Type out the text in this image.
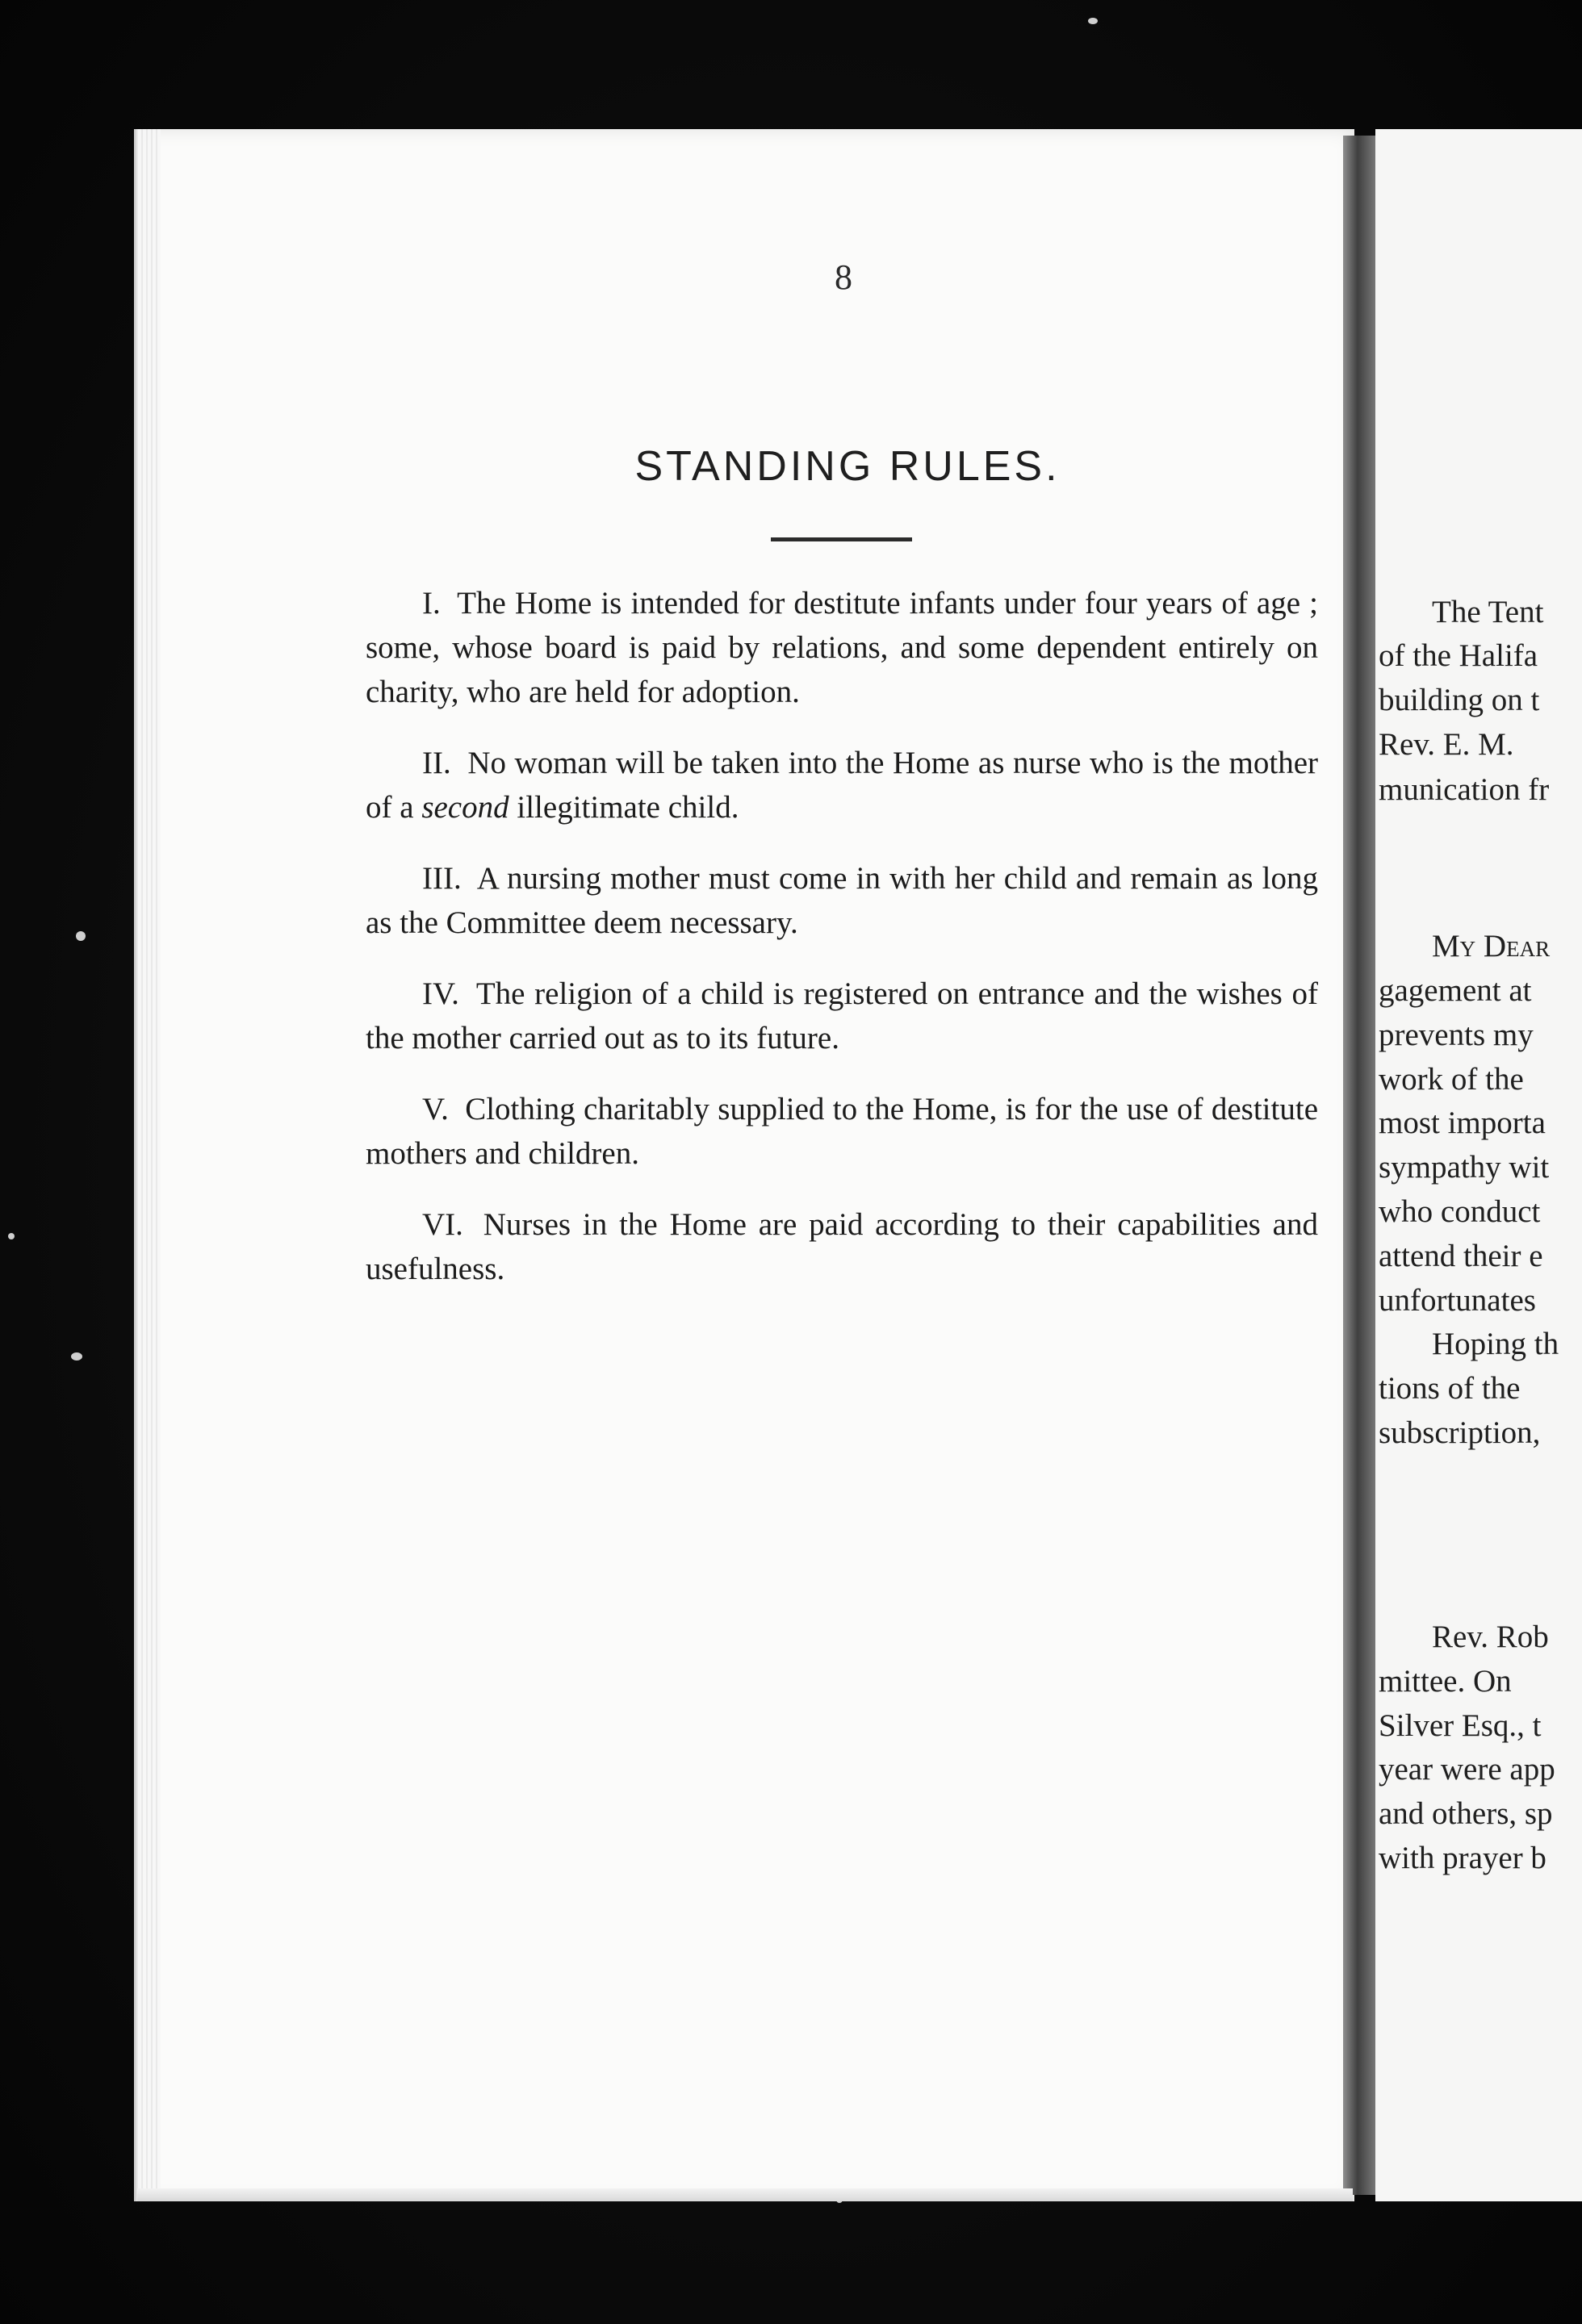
The Tent
of the Halifa
building on t
Rev. E. M.
munication fr
My Dear
gagement at
prevents my
work of the
most importa
sympathy wit
who conduct
attend their e
unfortunates
Hoping th
tions of the
subscription,
Rev. Rob
mittee. On
Silver Esq., t
year were app
and others, sp
with prayer b
8
STANDING RULES.

I. The Home is intended for destitute infants under four years of age ; some, whose board is paid by relations, and some dependent entirely on charity, who are held for adoption.

II. No woman will be taken into the Home as nurse who is the mother of a second illegitimate child.

III. A nursing mother must come in with her child and remain as long as the Committee deem necessary.

IV. The religion of a child is registered on entrance and the wishes of the mother carried out as to its future.

V. Clothing charitably supplied to the Home, is for the use of destitute mothers and children.

VI. Nurses in the Home are paid according to their capabilities and usefulness.
